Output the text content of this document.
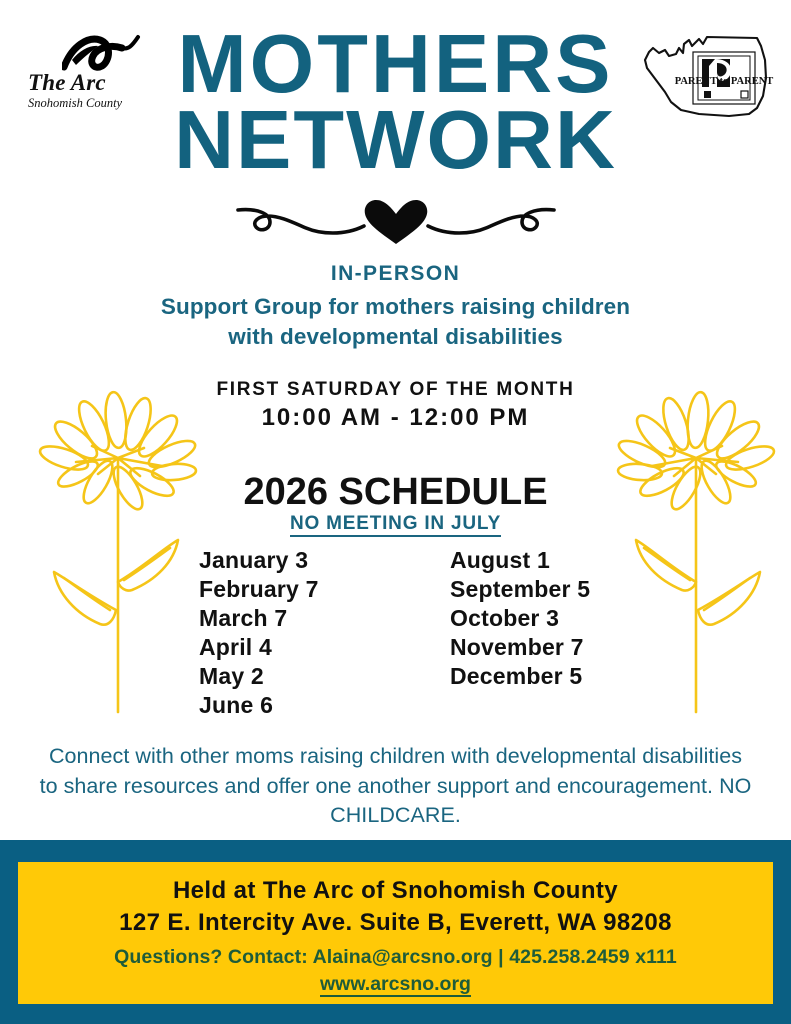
The Arc
Snohomish County
PARENT to PARENT
MOTHERS
NETWORK
IN-PERSON
Support Group for mothers raising children
with developmental disabilities
FIRST SATURDAY OF THE MONTH
10:00 AM - 12:00 PM
2026 SCHEDULE
NO MEETING IN JULY
January 3
February 7
March 7
April 4
May 2
June 6
August 1
September 5
October 3
November 7
December 5
Connect with other moms raising children with developmental disabilities to share resources and offer one another support and encouragement. NO CHILDCARE.
Held at The Arc of Snohomish County
127 E. Intercity Ave. Suite B, Everett, WA 98208
Questions? Contact: Alaina@arcsno.org | 425.258.2459 x111
www.arcsno.org
